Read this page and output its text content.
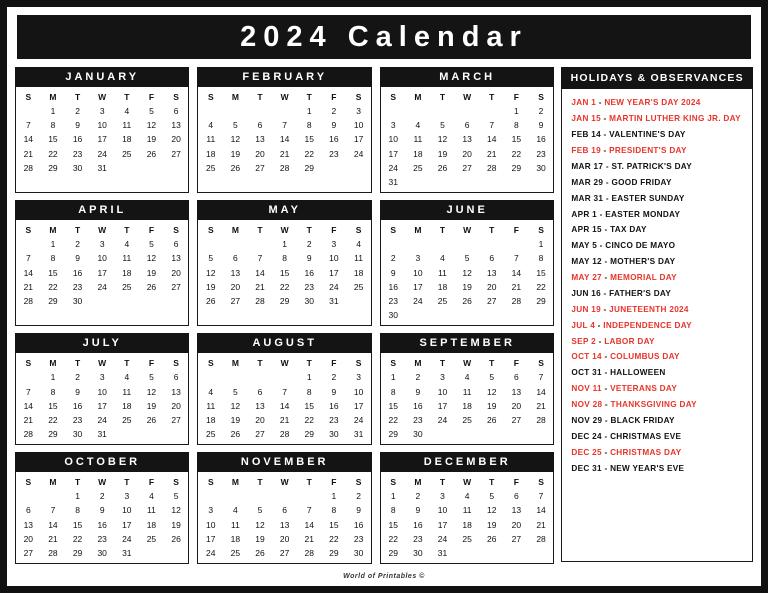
2024 Calendar
JANUARY
S	M	T	W	T	F	S
	1	2	3	4	5	6
7	8	9	10	11	12	13
14	15	16	17	18	19	20
21	22	23	24	25	26	27
28	29	30	31			
FEBRUARY
S	M	T	W	T	F	S
				1	2	3
4	5	6	7	8	9	10
11	12	13	14	15	16	17
18	19	20	21	22	23	24
25	26	27	28	29		
MARCH
S	M	T	W	T	F	S
					1	2
3	4	5	6	7	8	9
10	11	12	13	14	15	16
17	18	19	20	21	22	23
24	25	26	27	28	29	30
31						
APRIL
S	M	T	W	T	F	S
	1	2	3	4	5	6
7	8	9	10	11	12	13
14	15	16	17	18	19	20
21	22	23	24	25	26	27
28	29	30				
MAY
S	M	T	W	T	F	S
			1	2	3	4
5	6	7	8	9	10	11
12	13	14	15	16	17	18
19	20	21	22	23	24	25
26	27	28	29	30	31	
JUNE
S	M	T	W	T	F	S
						1
2	3	4	5	6	7	8
9	10	11	12	13	14	15
16	17	18	19	20	21	22
23	24	25	26	27	28	29
30						
JULY
S	M	T	W	T	F	S
	1	2	3	4	5	6
7	8	9	10	11	12	13
14	15	16	17	18	19	20
21	22	23	24	25	26	27
28	29	30	31			
AUGUST
S	M	T	W	T	F	S
				1	2	3
4	5	6	7	8	9	10
11	12	13	14	15	16	17
18	19	20	21	22	23	24
25	26	27	28	29	30	31
SEPTEMBER
S	M	T	W	T	F	S
1	2	3	4	5	6	7
8	9	10	11	12	13	14
15	16	17	18	19	20	21
22	23	24	25	26	27	28
29	30					
OCTOBER
S	M	T	W	T	F	S
		1	2	3	4	5
6	7	8	9	10	11	12
13	14	15	16	17	18	19
20	21	22	23	24	25	26
27	28	29	30	31		
NOVEMBER
S	M	T	W	T	F	S
					1	2
3	4	5	6	7	8	9
10	11	12	13	14	15	16
17	18	19	20	21	22	23
24	25	26	27	28	29	30
DECEMBER
S	M	T	W	T	F	S
1	2	3	4	5	6	7
8	9	10	11	12	13	14
15	16	17	18	19	20	21
22	23	24	25	26	27	28
29	30	31				
HOLIDAYS & OBSERVANCES
JAN 1 - NEW YEAR'S DAY 2024
JAN 15 - MARTIN LUTHER KING JR. DAY
FEB 14 - VALENTINE'S DAY
FEB 19 - PRESIDENT'S DAY
MAR 17 - ST. PATRICK'S DAY
MAR 29 - GOOD FRIDAY
MAR 31 - EASTER SUNDAY
APR 1 - EASTER MONDAY
APR 15 - TAX DAY
MAY 5 - CINCO DE MAYO
MAY 12 - MOTHER'S DAY
MAY 27 - MEMORIAL DAY
JUN 16 - FATHER'S DAY
JUN 19 - JUNETEENTH 2024
JUL 4 - INDEPENDENCE DAY
SEP 2 - LABOR DAY
OCT 14 - COLUMBUS DAY
OCT 31 - HALLOWEEN
NOV 11 - VETERANS DAY
NOV 28 - THANKSGIVING DAY
NOV 29 - BLACK FRIDAY
DEC 24 - CHRISTMAS EVE
DEC 25 - CHRISTMAS DAY
DEC 31 - NEW YEAR'S EVE
World of Printables ©
